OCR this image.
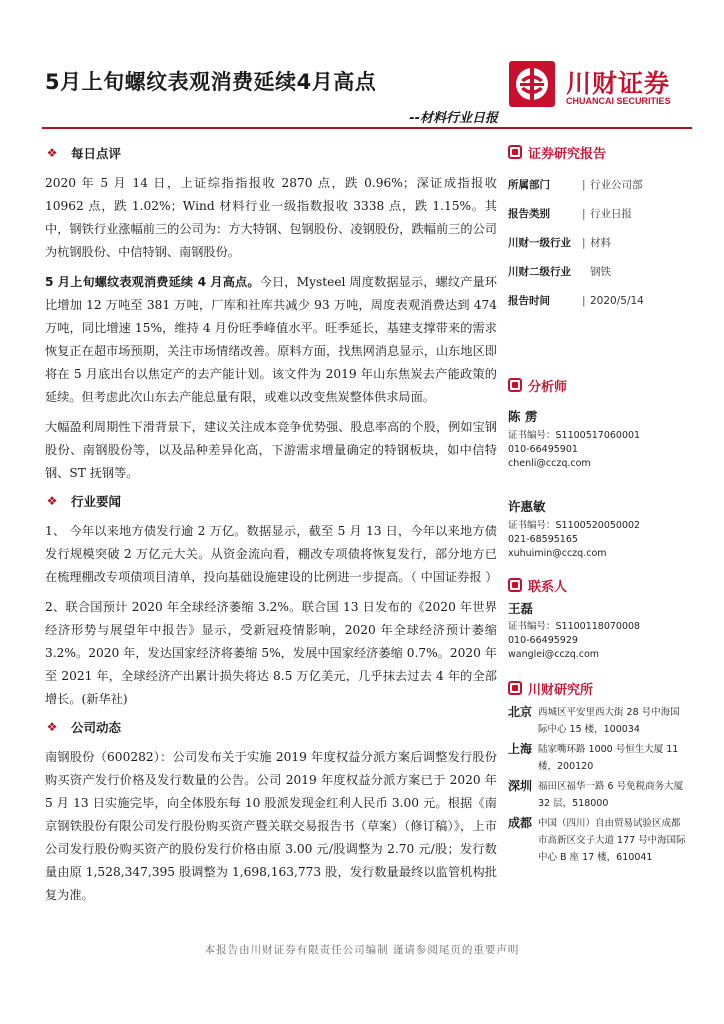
5月上旬螺纹表观消费延续4月高点	川财证券
CHUANCAI SECURITIES
--材料行业日报
❖ 每日点评

2020 年 5 月 14 日，上证综指指报收 2870 点，跌 0.96%；深证成指报收 10962 点，跌 1.02%；Wind 材料行业一级指数报收 3338 点，跌 1.15%。其中，钢铁行业涨幅前三的公司为：方大特钢、包钢股份、凌钢股份，跌幅前三的公司为杭钢股份、中信特钢、南钢股份。

5 月上旬螺纹表观消费延续 4 月高点。今日，Mysteel 周度数据显示，螺纹产量环比增加 12 万吨至 381 万吨，厂库和社库共减少 93 万吨，周度表观消费达到 474 万吨，同比增速 15%，维持 4 月份旺季峰值水平。旺季延长，基建支撑带来的需求恢复正在超市场预期，关注市场情绪改善。原料方面，找焦网消息显示，山东地区即将在 5 月底出台以焦定产的去产能计划。该文件为 2019 年山东焦炭去产能政策的延续。但考虑此次山东去产能总量有限，或难以改变焦炭整体供求局面。

大幅盈利周期性下滑背景下，建议关注成本竞争优势强、股息率高的个股，例如宝钢股份、南钢股份等，以及品种差异化高，下游需求增量确定的特钢板块，如中信特钢、ST 抚钢等。

❖ 行业要闻

1、 今年以来地方债发行逾 2 万亿。数据显示，截至 5 月 13 日，今年以来地方债发行规模突破 2 万亿元大关。从资金流向看，棚改专项债将恢复发行，部分地方已在梳理棚改专项债项目清单，投向基础设施建设的比例进一步提高。（ 中国证券报 ）

2、联合国预计 2020 年全球经济萎缩 3.2%。联合国 13 日发布的《2020 年世界经济形势与展望年中报告》显示，受新冠疫情影响，2020 年全球经济预计萎缩 3.2%。2020 年，发达国家经济将萎缩 5%，发展中国家经济萎缩 0.7%。2020 年至 2021 年，全球经济产出累计损失将达 8.5 万亿美元，几乎抹去过去 4 年的全部增长。(新华社)

❖ 公司动态

南钢股份（600282）：公司发布关于实施 2019 年度权益分派方案后调整发行股份购买资产发行价格及发行数量的公告。公司 2019 年度权益分派方案已于 2020 年 5 月 13 日实施完毕，向全体股东每 10 股派发现金红利人民币 3.00 元。根据《南京钢铁股份有限公司发行股份购买资产暨关联交易报告书（草案）（修订稿）》，上市公司发行股份购买资产的股份发行价格由原 3.00 元/股调整为 2.70 元/股；发行数量由原 1,528,347,395 股调整为 1,698,163,773 股，发行数量最终以监管机构批复为准。

证券研究报告
所属部门	| 行业公司部
报告类别	| 行业日报
川财一级行业	| 材料
川财二级行业	钢铁
报告时间	| 2020/5/14
分析师
陈 雳
证书编号：S1100517060001
010-66495901
chenli@cczq.com
许惠敏
证书编号：S1100520050002
021-68595165
xuhuimin@cczq.com
联系人
王磊
证书编号：S1100118070008
010-66495929
wanglei@cczq.com
川财研究所
北京 西城区平安里西大街 28 号中海国际中心 15 楼，100034
上海 陆家嘴环路 1000 号恒生大厦 11 楼，200120
深圳 福田区福华一路 6 号免税商务大厦 32 层，518000
成都 中国（四川）自由贸易试验区成都市高新区交子大道 177 号中海国际中心 B 座 17 楼，610041
本报告由川财证券有限责任公司编制 谨请参阅尾页的重要声明
